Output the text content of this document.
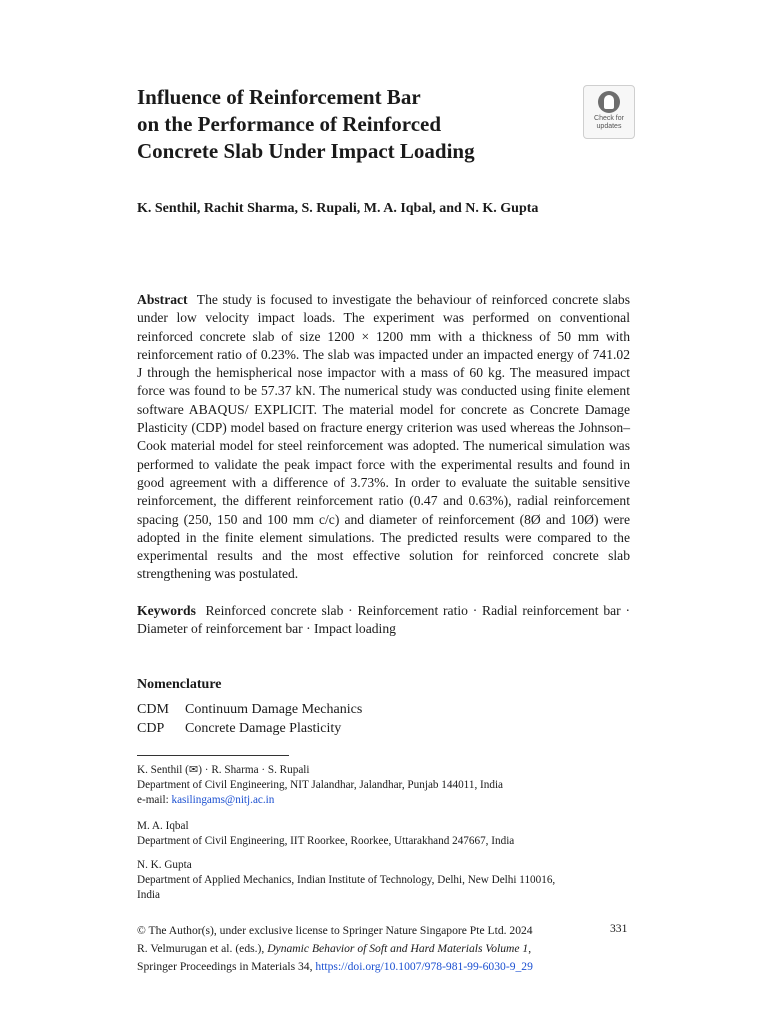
Influence of Reinforcement Bar
on the Performance of Reinforced
Concrete Slab Under Impact Loading
Check for
updates
K. Senthil, Rachit Sharma, S. Rupali, M. A. Iqbal, and N. K. Gupta
Abstract The study is focused to investigate the behaviour of reinforced concrete slabs under low velocity impact loads. The experiment was performed on conventional reinforced concrete slab of size 1200 × 1200 mm with a thickness of 50 mm with reinforcement ratio of 0.23%. The slab was impacted under an impacted energy of 741.02 J through the hemispherical nose impactor with a mass of 60 kg. The measured impact force was found to be 57.37 kN. The numerical study was conducted using finite element software ABAQUS/ EXPLICIT. The material model for concrete as Concrete Damage Plasticity (CDP) model based on fracture energy criterion was used whereas the Johnson–Cook material model for steel reinforcement was adopted. The numerical simulation was performed to validate the peak impact force with the experimental results and found in good agreement with a difference of 3.73%. In order to evaluate the suitable sensitive reinforcement, the different reinforcement ratio (0.47 and 0.63%), radial reinforcement spacing (250, 150 and 100 mm c/c) and diameter of reinforcement (8Ø and 10Ø) were adopted in the finite element simulations. The predicted results were compared to the experimental results and the most effective solution for reinforced concrete slab strengthening was postulated.
Keywords Reinforced concrete slab · Reinforcement ratio · Radial reinforcement bar · Diameter of reinforcement bar · Impact loading
Nomenclature
CDM Continuum Damage Mechanics
CDP Concrete Damage Plasticity
K. Senthil (✉) · R. Sharma · S. Rupali
Department of Civil Engineering, NIT Jalandhar, Jalandhar, Punjab 144011, India
e-mail: kasilingams@nitj.ac.in
M. A. Iqbal
Department of Civil Engineering, IIT Roorkee, Roorkee, Uttarakhand 247667, India
N. K. Gupta
Department of Applied Mechanics, Indian Institute of Technology, Delhi, New Delhi 110016,
India
© The Author(s), under exclusive license to Springer Nature Singapore Pte Ltd. 2024
R. Velmurugan et al. (eds.), Dynamic Behavior of Soft and Hard Materials Volume 1,
Springer Proceedings in Materials 34, https://doi.org/10.1007/978-981-99-6030-9_29
331
